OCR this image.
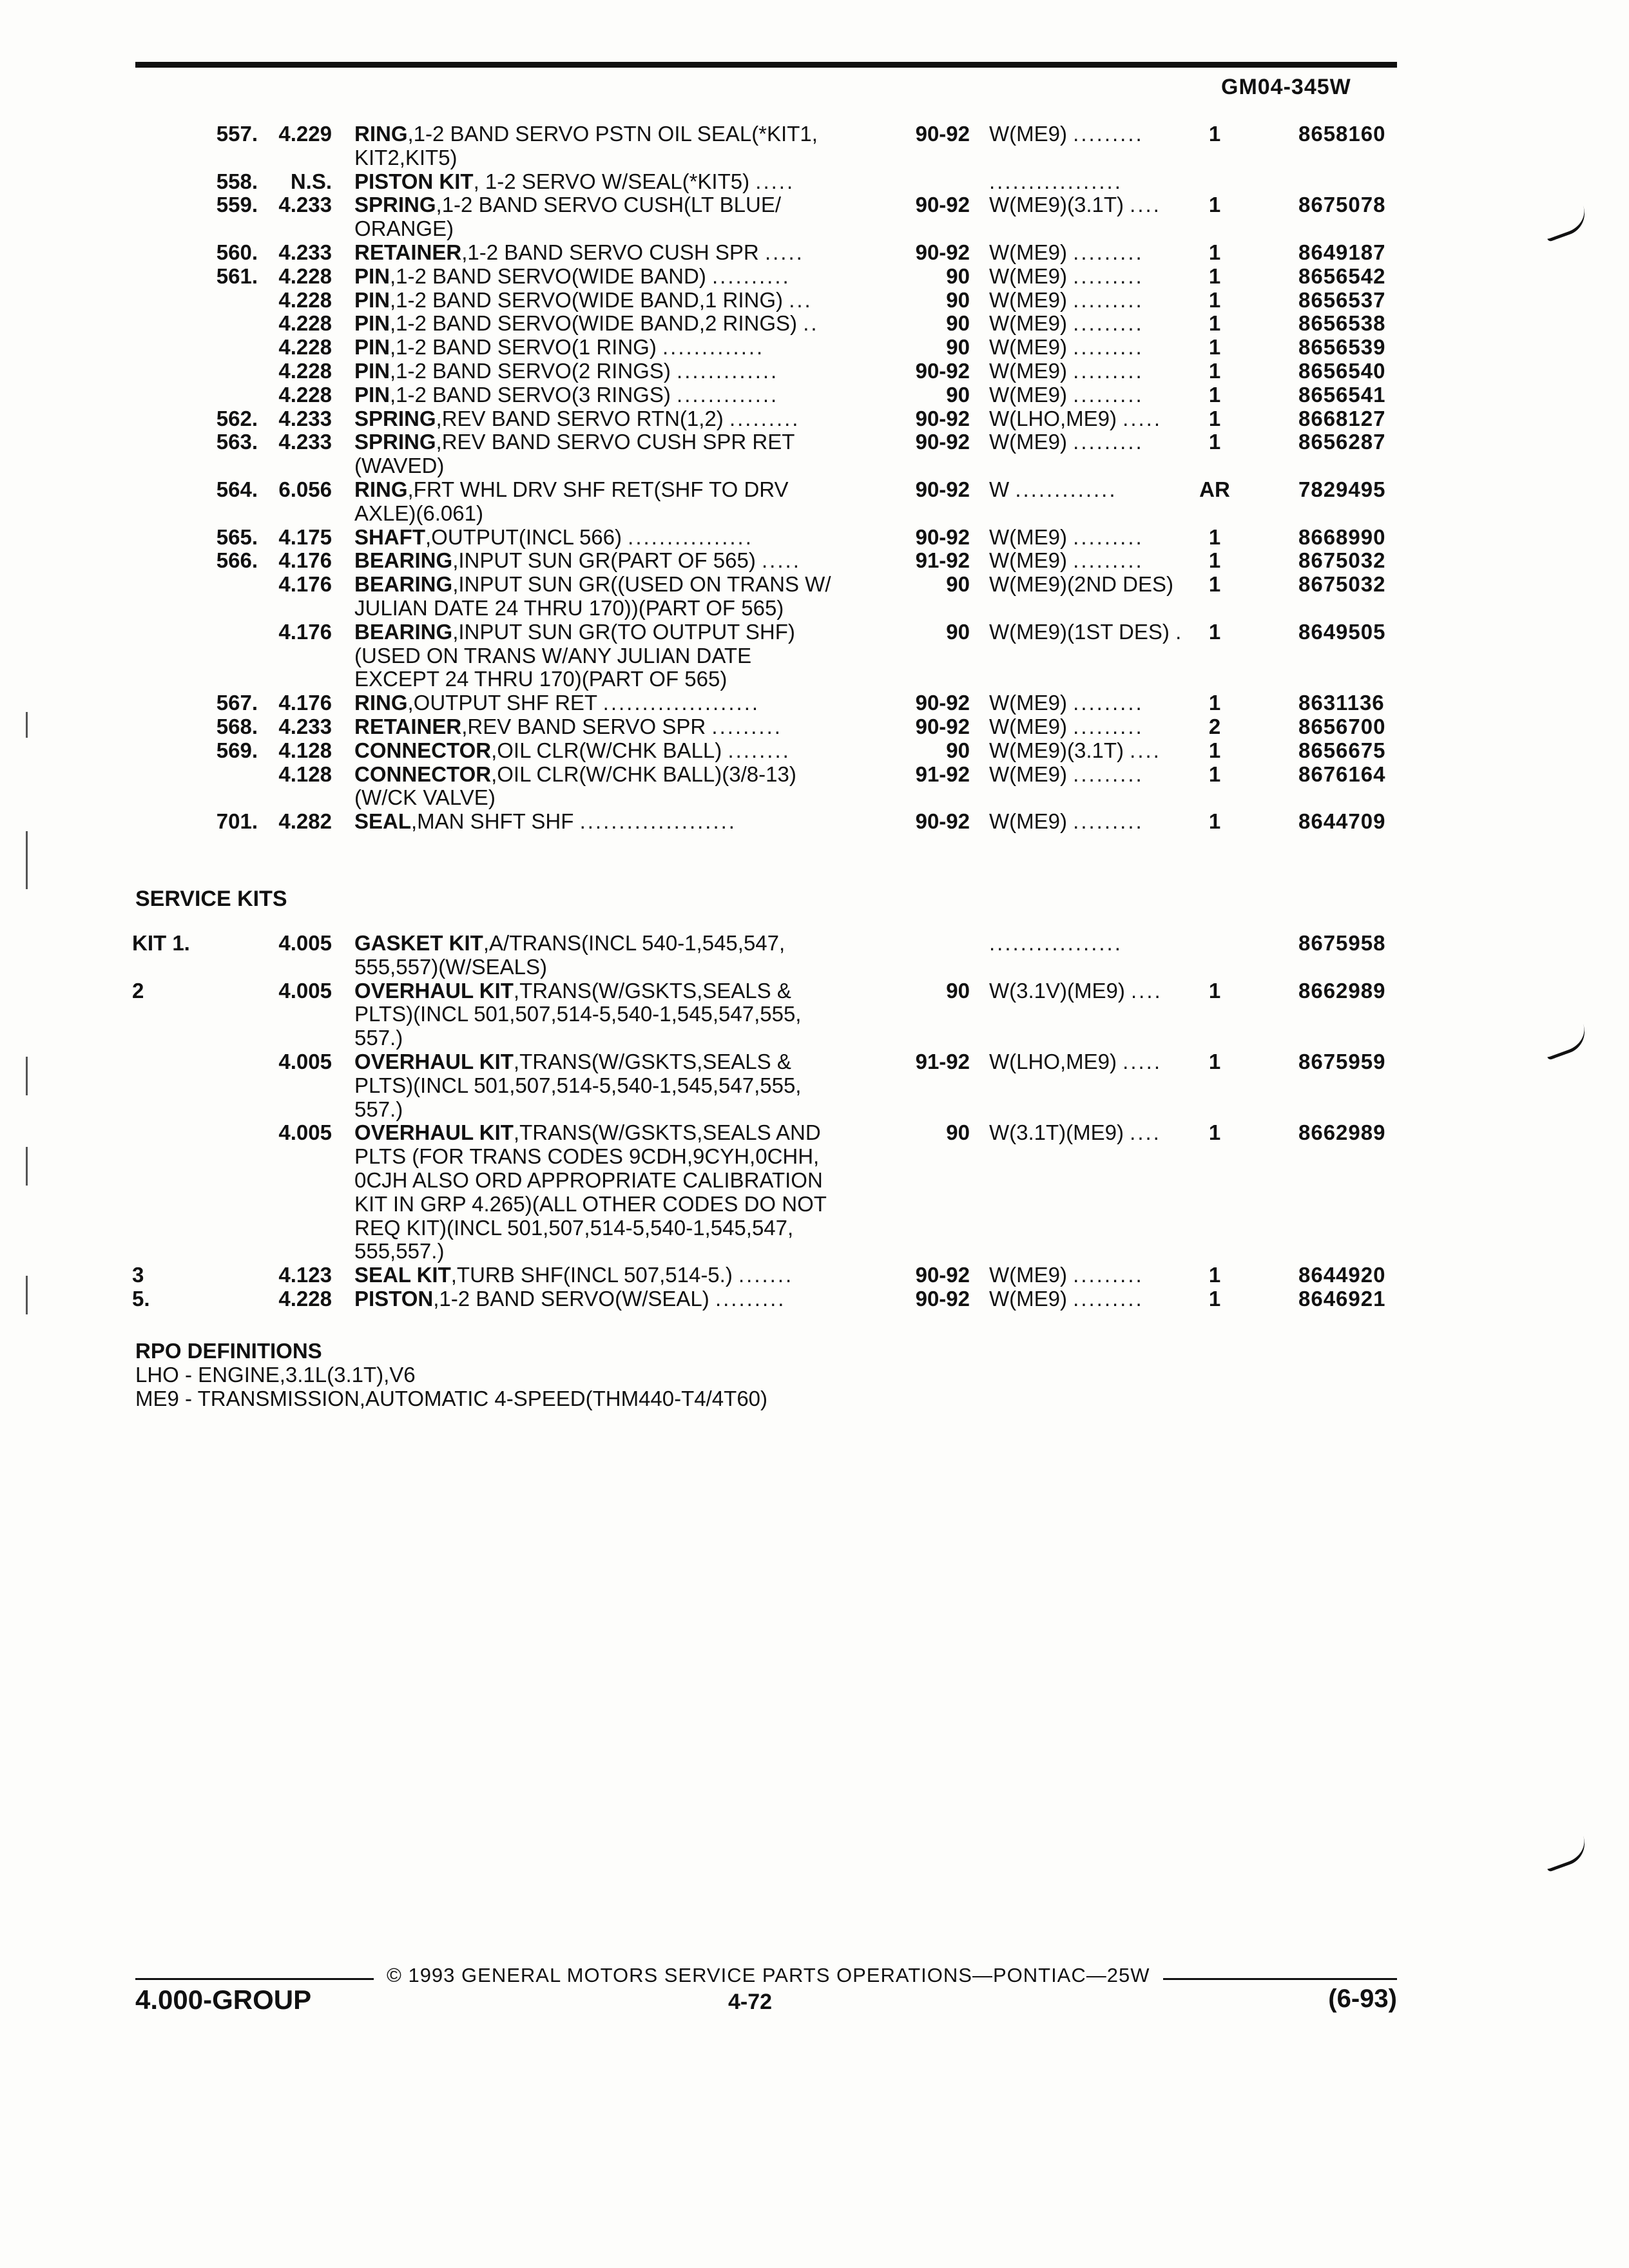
GM04-345W
557. 4.229 RING,1-2 BAND SERVO PSTN OIL SEAL(*KIT1,	90-92 W(ME9) .........	1	8658160
KIT2,KIT5)
558.	N.S. PISTON KIT, 1-2 SERVO W/SEAL(*KIT5) .....	.................
559. 4.233 SPRING,1-2 BAND SERVO CUSH(LT BLUE/	90-92 W(ME9)(3.1T) ....	1	8675078
ORANGE)
560. 4.233 RETAINER,1-2 BAND SERVO CUSH SPR .....	90-92 W(ME9) .........	1	8649187
561. 4.228 PIN,1-2 BAND SERVO(WIDE BAND) ..........	90 W(ME9) .........	1	8656542
4.228 PIN,1-2 BAND SERVO(WIDE BAND,1 RING) ...	90 W(ME9) .........	1	8656537
4.228 PIN,1-2 BAND SERVO(WIDE BAND,2 RINGS) ..	90 W(ME9) .........	1	8656538
4.228 PIN,1-2 BAND SERVO(1 RING) .............	90 W(ME9) .........	1	8656539
4.228 PIN,1-2 BAND SERVO(2 RINGS) .............	90-92 W(ME9) .........	1	8656540
4.228 PIN,1-2 BAND SERVO(3 RINGS) .............	90 W(ME9) .........	1	8656541
562. 4.233 SPRING,REV BAND SERVO RTN(1,2) .........	90-92 W(LHO,ME9) .....	1	8668127
563. 4.233 SPRING,REV BAND SERVO CUSH SPR RET	90-92 W(ME9) .........	1	8656287
(WAVED)
564. 6.056 RING,FRT WHL DRV SHF RET(SHF TO DRV	90-92 W .............	AR	7829495
AXLE)(6.061)
565. 4.175 SHAFT,OUTPUT(INCL 566) ................	90-92 W(ME9) .........	1	8668990
566. 4.176 BEARING,INPUT SUN GR(PART OF 565) .....	91-92 W(ME9) .........	1	8675032
4.176 BEARING,INPUT SUN GR((USED ON TRANS W/	90 W(ME9)(2ND DES)	1	8675032
JULIAN DATE 24 THRU 170))(PART OF 565)
4.176 BEARING,INPUT SUN GR(TO OUTPUT SHF)	90 W(ME9)(1ST DES) .	1	8649505
(USED ON TRANS W/ANY JULIAN DATE
EXCEPT 24 THRU 170)(PART OF 565)
567. 4.176 RING,OUTPUT SHF RET ....................	90-92 W(ME9) .........	1	8631136
568. 4.233 RETAINER,REV BAND SERVO SPR .........	90-92 W(ME9) .........	2	8656700
569. 4.128 CONNECTOR,OIL CLR(W/CHK BALL) ........	90 W(ME9)(3.1T) ....	1	8656675
4.128 CONNECTOR,OIL CLR(W/CHK BALL)(3/8-13)	91-92 W(ME9) .........	1	8676164
(W/CK VALVE)
701. 4.282 SEAL,MAN SHFT SHF ....................	90-92 W(ME9) .........	1	8644709
SERVICE KITS
KIT 1.	4.005 GASKET KIT,A/TRANS(INCL 540-1,545,547,	.................	8675958
555,557)(W/SEALS)
2	4.005 OVERHAUL KIT,TRANS(W/GSKTS,SEALS &	90 W(3.1V)(ME9) ....	1	8662989
PLTS)(INCL 501,507,514-5,540-1,545,547,555,
557.)
4.005 OVERHAUL KIT,TRANS(W/GSKTS,SEALS &	91-92 W(LHO,ME9) .....	1	8675959
PLTS)(INCL 501,507,514-5,540-1,545,547,555,
557.)
4.005 OVERHAUL KIT,TRANS(W/GSKTS,SEALS AND	90 W(3.1T)(ME9) ....	1	8662989
PLTS (FOR TRANS CODES 9CDH,9CYH,0CHH,
0CJH ALSO ORD APPROPRIATE CALIBRATION
KIT IN GRP 4.265)(ALL OTHER CODES DO NOT
REQ KIT)(INCL 501,507,514-5,540-1,545,547,
555,557.)
3	4.123 SEAL KIT,TURB SHF(INCL 507,514-5.) .......	90-92 W(ME9) .........	1	8644920
5.	4.228 PISTON,1-2 BAND SERVO(W/SEAL) .........	90-92 W(ME9) .........	1	8646921
RPO DEFINITIONS
LHO - ENGINE,3.1L(3.1T),V6
ME9 - TRANSMISSION,AUTOMATIC 4-SPEED(THM440-T4/4T60)
© 1993 GENERAL MOTORS SERVICE PARTS OPERATIONS—PONTIAC—25W
4.000-GROUP	4-72	(6-93)
